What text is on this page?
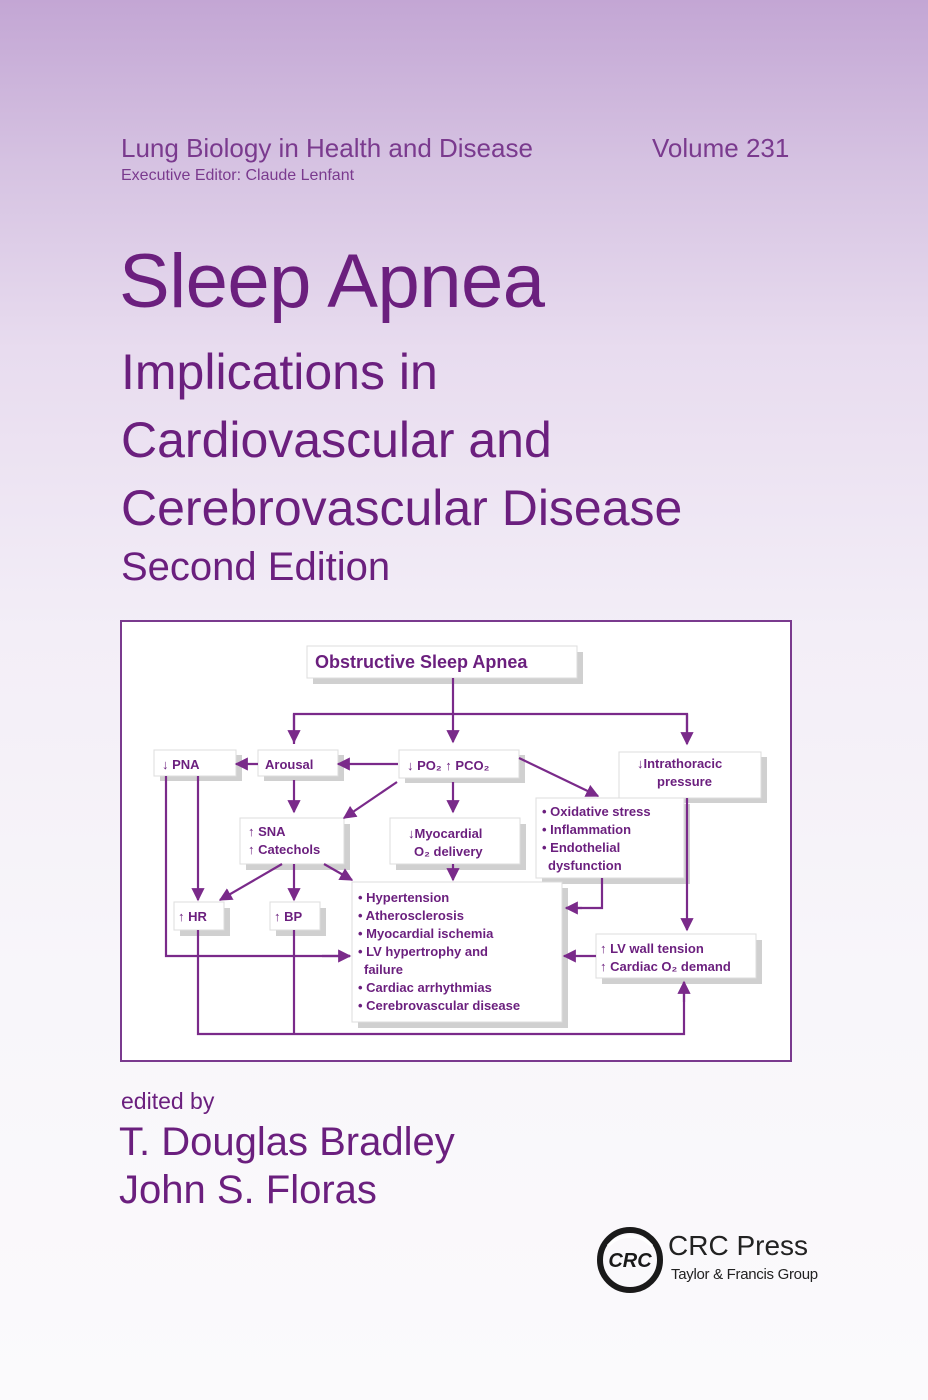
Lung Biology in Health and Disease	Volume 231
Executive Editor: Claude Lenfant
Sleep Apnea
Implications in
Cardiovascular and
Cerebrovascular Disease
Second Edition
Obstructive Sleep Apnea
↓ PNA	Arousal	↓ PO₂ ↑ PCO₂	↓Intrathoracic
pressure
↑ SNA
↑ Catechols
↓Myocardial
O₂ delivery
• Oxidative stress
• Inflammation
• Endothelial
dysfunction
↑ HR	↑ BP
• Hypertension
• Atherosclerosis
• Myocardial ischemia
• LV hypertrophy and
failure
• Cardiac arrhythmias
• Cerebrovascular disease
↑ LV wall tension
↑ Cardiac O₂ demand
edited by
T. Douglas Bradley
John S. Floras
CRC CRC Press
Taylor & Francis Group
